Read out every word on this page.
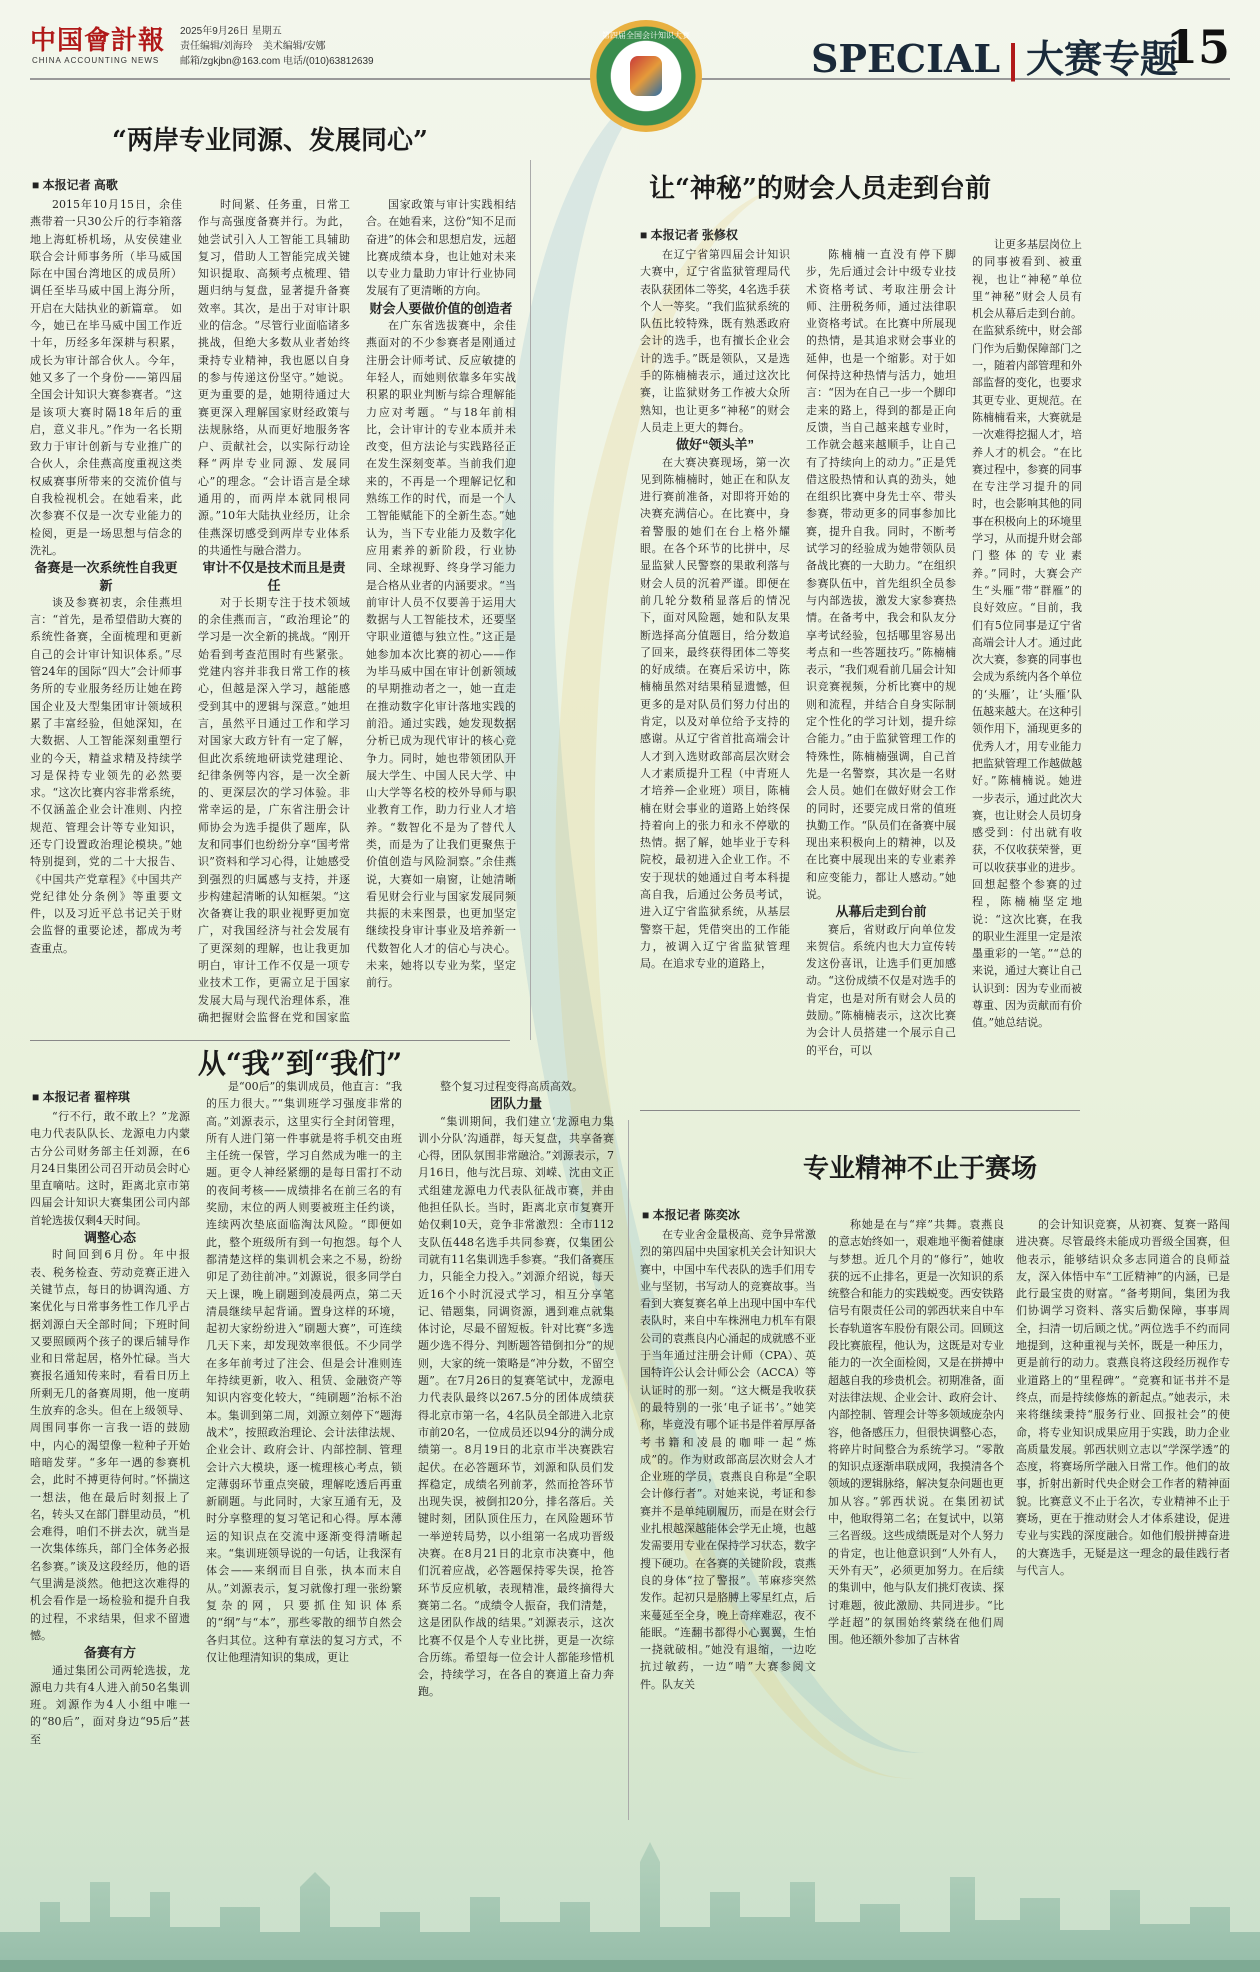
中国會計報
CHINA ACCOUNTING NEWS
2025年9月26日 星期五
责任编辑/刘海玲　美术编辑/安娜
邮箱/zgkjbn@163.com 电话/(010)63812639	SPECIAL | 大赛专题
15
第四届全国会计知识大赛
“两岸专业同源、发展同心”
■ 本报记者 高歌

2015年10月15日，余佳燕带着一只30公斤的行李箱落地上海虹桥机场，从安侯建业联合会计师事务所（毕马威国际在中国台湾地区的成员所）调任至毕马威中国上海分所，开启在大陆执业的新篇章。　如今，她已在毕马威中国工作近十年，历经多年深耕与积累，成长为审计部合伙人。今年，她又多了一个身份——第四届全国会计知识大赛参赛者。“这是该项大赛时隔18年后的重启，意义非凡。”作为一名长期致力于审计创新与专业推广的合伙人，余佳燕高度重视这类权威赛事所带来的交流价值与自我检视机会。在她看来，此次参赛不仅是一次专业能力的检阅，更是一场思想与信念的洗礼。

备赛是一次系统性自我更新

谈及参赛初衷，余佳燕坦言：“首先，是希望借助大赛的系统性备赛，全面梳理和更新自己的会计审计知识体系。”尽管24年的国际“四大”会计师事务所的专业服务经历让她在跨国企业及大型集团审计领域积累了丰富经验，但她深知，在大数据、人工智能深刻重塑行业的今天，精益求精及持续学习是保持专业领先的必然要求。“这次比赛内容非常系统，不仅涵盖企业会计准则、内控规范、管理会计等专业知识，还专门设置政治理论模块。”她特别提到，党的二十大报告、《中国共产党章程》《中国共产党纪律处分条例》等重要文件，以及习近平总书记关于财会监督的重要论述，都成为考查重点。

时间紧、任务重，日常工作与高强度备赛并行。为此，她尝试引入人工智能工具辅助复习，借助人工智能完成关键知识提取、高频考点梳理、错题归纳与复盘，显著提升备赛效率。其次，是出于对审计职业的信念。“尽管行业面临诸多挑战，但绝大多数从业者始终秉持专业精神，我也愿以自身的参与传递这份坚守。”她说。更为重要的是，她期待通过大赛更深入理解国家财经政策与法规脉络，从而更好地服务客户、贡献社会，以实际行动诠释“两岸专业同源、发展同心”的理念。“会计语言是全球通用的，而两岸本就同根同源。”10年大陆执业经历，让余佳燕深切感受到两岸专业体系的共通性与融合潜力。

审计不仅是技术而且是责任

对于长期专注于技术领域的余佳燕而言，“政治理论”的学习是一次全新的挑战。“刚开始看到考查范围时有些紧张。党建内容并非我日常工作的核心，但越是深入学习，越能感受到其中的逻辑与深意。”她坦言，虽然平日通过工作和学习对国家大政方针有一定了解，但此次系统地研读党建理论、纪律条例等内容，是一次全新的、更深层次的学习体验。非常幸运的是，广东省注册会计师协会为选手提供了题库，队友和同事们也纷纷分享“国考常识”资料和学习心得，让她感受到强烈的归属感与支持，并逐步构建起清晰的认知框架。“这次备赛让我的职业视野更加宽广，对我国经济与社会发展有了更深刻的理解，也让我更加明白，审计工作不仅是一项专业技术工作，更需立足于国家发展大局与现代治理体系，准确把握财会监督在党和国家监

国家政策与审计实践相结合。在她看来，这份“知不足而奋进”的体会和思想启发，远超比赛成绩本身，也让她对未来以专业力量助力审计行业协同发展有了更清晰的方向。

财会人要做价值的创造者

在广东省选拔赛中，余佳燕面对的不少参赛者是刚通过注册会计师考试、反应敏捷的年轻人，而她则依靠多年实战积累的职业判断与综合理解能力应对考题。“与18年前相比，会计审计的专业本质并未改变，但方法论与实践路径正在发生深刻变革。当前我们迎来的，不再是一个理解记忆和熟练工作的时代，而是一个人工智能赋能下的全新生态。”她认为，当下专业能力及数字化应用素养的新阶段，行业协同、全球视野、终身学习能力是合格从业者的内涵要求。“当前审计人员不仅要善于运用大数据与人工智能技术，还要坚守职业道德与独立性。”这正是她参加本次比赛的初心——作为毕马威中国在审计创新领域的早期推动者之一，她一直走在推动数字化审计落地实践的前沿。通过实践，她发现数据分析已成为现代审计的核心竞争力。同时，她也带领团队开展大学生、中国人民大学、中山大学等名校的校外导师与职业教育工作，助力行业人才培养。“数智化不是为了替代人类，而是为了让我们更聚焦于价值创造与风险洞察。”余佳燕说，大赛如一扇窗，让她清晰看见财会行业与国家发展同频共振的未来图景，也更加坚定继续投身审计事业及培养新一代数智化人才的信心与决心。未来，她将以专业为桨，坚定前行。

让“神秘”的财会人员走到台前
■ 本报记者 张修权

在辽宁省第四届会计知识大赛中，辽宁省监狱管理局代表队获团体二等奖，4名选手获个人一等奖。“我们监狱系统的队伍比较特殊，既有熟悉政府会计的选手，也有擅长企业会计的选手。”既是领队，又是选手的陈楠楠表示，通过这次比赛，让监狱财务工作被大众所熟知，也让更多“神秘”的财会人员走上更大的舞台。

做好“领头羊”

在大赛决赛现场，第一次见到陈楠楠时，她正在和队友进行赛前准备，对即将开始的决赛充满信心。在比赛中，身着警服的她们在台上格外耀眼。在各个环节的比拼中，尽显监狱人民警察的果敢利落与财会人员的沉着严谨。即便在前几轮分数稍显落后的情况下，面对风险题，她和队友果断选择高分值题目，给分数追了回来，最终获得团体二等奖的好成绩。在赛后采访中，陈楠楠虽然对结果稍显遗憾，但更多的是对队员们努力付出的肯定，以及对单位给予支持的感谢。从辽宁省首批高端会计人才到入选财政部高层次财会人才素质提升工程（中青班人才培养—企业班）项目，陈楠楠在财会事业的道路上始终保持着向上的张力和永不停歇的热情。据了解，她毕业于专科院校，最初进入企业工作。不安于现状的她通过自考本科提高自我，后通过公务员考试，进入辽宁省监狱系统，从基层警察干起，凭借突出的工作能力，被调入辽宁省监狱管理局。在追求专业的道路上，

陈楠楠一直没有停下脚步，先后通过会计中级专业技术资格考试、考取注册会计师、注册税务师，通过法律职业资格考试。在比赛中所展现的热情，是其追求财会事业的延伸，也是一个缩影。对于如何保持这种热情与活力，她坦言：“因为在自己一步一个脚印走来的路上，得到的都是正向反馈，当自己越来越专业时，工作就会越来越顺手，让自己有了持续向上的动力。”正是凭借这股热情和认真的劲头，她在组织比赛中身先士卒、带头参赛，带动更多的同事参加比赛，提升自我。同时，不断考试学习的经验成为她带领队员备战比赛的一大助力。“在组织参赛队伍中，首先组织全员参与内部选拔，激发大家参赛热情。在备考中，我会和队友分享考试经验，包括哪里容易出考点和一些答题技巧。”陈楠楠表示，“我们观看前几届会计知识竞赛视频，分析比赛中的规则和流程，并结合自身实际制定个性化的学习计划，提升综合能力。”由于监狱管理工作的特殊性，陈楠楠强调，自己首先是一名警察，其次是一名财会人员。她们在做好财会工作的同时，还要完成日常的值班执勤工作。“队员们在备赛中展现出来积极向上的精神，以及在比赛中展现出来的专业素养和应变能力，都让人感动。”她说。

从幕后走到台前

赛后，省财政厅向单位发来贺信。系统内也大力宣传转发这份喜讯，让选手们更加感动。“这份成绩不仅是对选手的肯定，也是对所有财会人员的鼓励。”陈楠楠表示，这次比赛为会计人员搭建一个展示自己的平台，可以

让更多基层岗位上的同事被看到、被重视，也让“神秘”单位里“神秘”财会人员有机会从幕后走到台前。在监狱系统中，财会部门作为后勤保障部门之一，随着内部管理和外部监督的变化，也要求其更专业、更规范。在陈楠楠看来，大赛就是一次难得挖掘人才，培养人才的机会。“在比赛过程中，参赛的同事在专注学习提升的同时，也会影响其他的同事在积极向上的环境里学习，从而提升财会部门整体的专业素养。”同时，大赛会产生“头雁”带“群雁”的良好效应。“目前，我们有5位同事是辽宁省高端会计人才。通过此次大赛，参赛的同事也会成为系统内各个单位的‘头雁’，让‘头雁’队伍越来越大。在这种引领作用下，涌现更多的优秀人才，用专业能力把监狱管理工作越做越好。”陈楠楠说。她进一步表示，通过此次大赛，也让财会人员切身感受到：付出就有收获，不仅收获荣誉，更可以收获事业的进步。回想起整个参赛的过程，陈楠楠坚定地说：“这次比赛，在我的职业生涯里一定是浓墨重彩的一笔。”“总的来说，通过大赛让自己认识到：因为专业而被尊重、因为贡献而有价值。”她总结说。

从“我”到“我们”
■ 本报记者 翟梓琪

“行不行，敢不敢上？”龙源电力代表队队长、龙源电力内蒙古分公司财务部主任刘源，在6月24日集团公司召开动员会时心里直嘀咕。这时，距离北京市第四届会计知识大赛集团公司内部首轮选拔仅剩4天时间。

调整心态

时间回到6月份。年中报表、税务检查、劳动竞赛正进入关键节点，每日的协调沟通、方案优化与日常事务性工作几乎占据刘源白天全部时间；下班时间又要照顾两个孩子的课后辅导作业和日常起居，格外忙碌。当大赛报名通知传来时，看看日历上所剩无几的备赛周期，他一度萌生放弃的念头。但在上级领导、周围同事你一言我一语的鼓励中，内心的渴望像一粒种子开始暗暗发芽。“多年一遇的参赛机会，此时不搏更待何时。”怀揣这一想法，他在最后时刻报上了名，转头又在部门群里动员，“机会难得，咱们不拼去次，就当是一次集体练兵，部门全体务必报名参赛。”谈及这段经历，他的语气里满是淡然。他把这次难得的机会看作是一场检验和提升自我的过程，不求结果，但求不留遗憾。

备赛有方

通过集团公司两轮选拔，龙源电力共有4人进入前50名集训班。刘源作为4人小组中唯一的“80后”，面对身边“95后”甚至

是“00后”的集训成员，他直言：“我的压力很大。”“集训班学习强度非常的高。”刘源表示，这里实行全封闭管理，所有人进门第一件事就是将手机交由班主任统一保管，学习自然成为唯一的主题。更令人神经紧绷的是每日雷打不动的夜间考核——成绩排名在前三名的有奖励，末位的两人则要被班主任约谈，连续两次垫底面临淘汰风险。“即便如此，整个班级所有到一句抱怨。每个人都清楚这样的集训机会来之不易，纷纷卯足了劲往前冲。”刘源说，很多同学白天上课，晚上刷题到凌晨两点，第二天清晨继续早起背诵。置身这样的环境，起初大家纷纷进入“刷题大赛”，可连续几天下来，却发现效率很低。不少同学在多年前考过了注会、但是会计准则连年持续更新，收入、租赁、金融资产等知识内容变化较大，“纯刷题”治标不治本。集训到第二周，刘源立刻停下“题海战术”，按照政治理论、会计法律法规、企业会计、政府会计、内部控制、管理会计六大模块，逐一梳理核心考点，锁定薄弱环节重点突破，理解吃透后再重新刷题。与此同时，大家互通有无，及时分享整理的复习笔记和心得。厚本薄运的知识点在交流中逐渐变得清晰起来。“集训班领导说的一句话，让我深有体会——来纲而目自张，执本而末自从。”刘源表示，复习就像打理一张纷繁复杂的网，只要抓住知识体系的“纲”与“本”，那些零散的细节自然会各归其位。这种有章法的复习方式，不仅让他理清知识的集成，更让

整个复习过程变得高质高效。

团队力量

“集训期间，我们建立‘龙源电力集训小分队’沟通群，每天复盘，共享备赛心得，团队氛围非常融洽。”刘源表示，7月16日，他与沈吕琼、刘嵘、沈由文正式组建龙源电力代表队征战市赛，并由他担任队长。当时，距离北京市复赛开始仅剩10天，竞争非常激烈：全市112支队伍448名选手共同参赛，仅集团公司就有11名集训选手参赛。“我们备赛压力，只能全力投入。”刘源介绍说，每天近16个小时沉浸式学习，相互分享笔记、错题集，同调资源，遇到难点就集体讨论，尽最不留短板。针对比赛“多选题少选不得分、判断题答错倒扣分”的规则，大家的统一策略是“冲分数，不留空题”。在7月26日的复赛笔试中，龙源电力代表队最终以267.5分的团体成绩获得北京市第一名，4名队员全部进入北京市前20名，一位成员还以94分的满分成绩第一。8月19日的北京市半决赛跌宕起伏。在必答题环节，刘源和队员们发挥稳定，成绩名列前茅，然而抢答环节出现失误，被倒扣20分，排名落后。关键时刻，团队顶住压力，在风险题环节一举逆转局势，以小组第一名成功晋级决赛。在8月21日的北京市决赛中，他们沉着应战，必答题保持零失误，抢答环节反应机敏，表现精准，最终摘得大赛第二名。“成绩令人振奋，我们清楚，这是团队作战的结果。”刘源表示，这次比赛不仅是个人专业比拼，更是一次综合历练。希望每一位会计人都能珍惜机会，持续学习，在各自的赛道上奋力奔跑。

专业精神不止于赛场
■ 本报记者 陈奕冰

在专业舍金量极高、竞争异常激烈的第四届中央国家机关会计知识大赛中，中国中车代表队的选手们用专业与坚韧，书写动人的竞赛故事。当看到大赛复赛名单上出现中国中车代表队时，来自中车株洲电力机车有限公司的袁燕良内心涌起的成就感不亚于当年通过注册会计师（CPA）、英国特许公认会计师公会（ACCA）等认证时的那一刻。“这大概是我收获的最特别的一张‘电子证书’。”她笑称，毕竟没有哪个证书是伴着厚厚备考书籍和凌晨的咖啡一起“炼成”的。作为财政部高层次财会人才企业班的学员，袁燕良自称是“全职会计修行者”。对她来说，考证和参赛并不是单纯刷履历，而是在财会行业扎根越深越能体会学无止境，也越发需要用专业在保持学习状态，数字搜下硬功。在各赛的关键阶段，袁燕良的身体“拉了警报”。苇麻疹突然发作。起初只是胳膊上零星红点，后来蔓延至全身，晚上奇痒难忍，夜不能眠。“连翻书都得小心翼翼，生怕一挠就破相。”她没有退缩，一边吃抗过敏药，一边“啃”大赛参阅文件。队友关

称她是在与“痒”共舞。袁燕良的意志始终如一，艰难地平衡着健康与梦想。近几个月的“修行”，她收获的远不止排名，更是一次知识的系统整合和能力的实践蜕变。西安铁路信号有限责任公司的郭西状来自中车长春轨道客车股份有限公司。回顾这段比赛旅程，他认为，这既是对专业能力的一次全面检阅，又是在拼搏中超越自我的珍贵机会。初期准备，面对法律法规、企业会计、政府会计、内部控制、管理会计等多领域庞杂内容，他备感压力，但很快调整心态，将碎片时间整合为系统学习。“零散的知识点逐渐串联成网，我摸清各个领域的逻辑脉络，解决复杂问题也更加从容。”郭西状说。在集团初试中，他取得第二名；在复试中，以第三名晋级。这些成绩既是对个人努力的肯定，也让他意识到“人外有人，天外有天”，必须更加努力。在后续的集训中，他与队友们挑灯夜读、探讨难题，彼此激励、共同进步。“比学赶超”的氛围始终萦绕在他们周围。他还额外参加了吉林省

的会计知识竞赛，从初赛、复赛一路闯进决赛。尽管最终未能成功晋级全国赛，但他表示，能够结识众多志同道合的良师益友，深入体悟中车“工匠精神”的内涵，已是此行最宝贵的财富。“备考期间，集团为我们协调学习资料、落实后勤保障，事事周全，扫清一切后顾之忧。”两位选手不约而同地提到，这种重视与关怀，既是一种压力，更是前行的动力。袁燕良将这段经历视作专业道路上的“里程碑”。“竞赛和证书并不是终点，而是持续修炼的新起点。”她表示，未来将继续秉持“服务行业、回报社会”的使命，将专业知识成果应用于实践，助力企业高质量发展。郭西状则立志以“学深学透”的态度，将赛场所学融入日常工作。他们的故事，折射出新时代央企财会工作者的精神面貌。比赛意义不止于名次，专业精神不止于赛场，更在于推动财会人才体系建设，促进专业与实践的深度融合。如他们般拼搏奋进的大赛选手，无疑是这一理念的最佳践行者与代言人。
